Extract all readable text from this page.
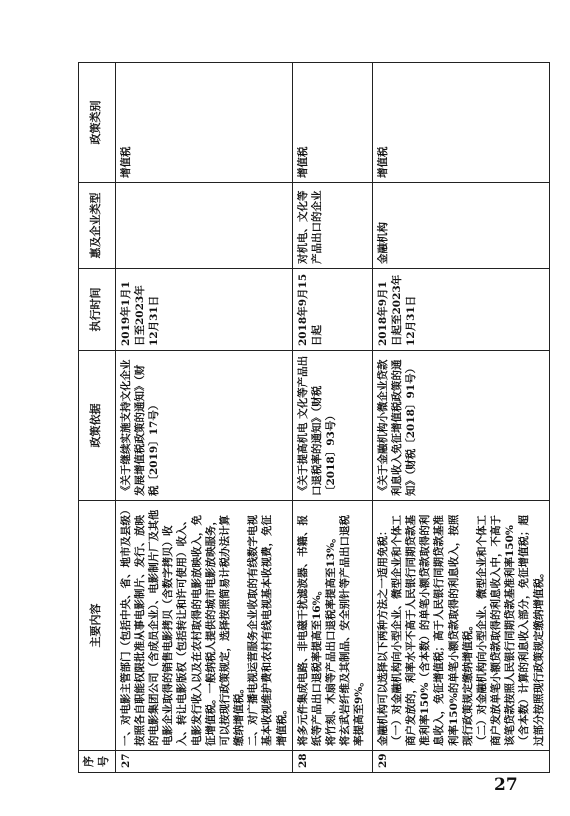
序号	主要内容	政策依据	执行时间	惠及企业类型	政策类别
27	一、对电影主管部门（包括中央、省、地市及县级）按照各自职能权限批准从事电影制片、发行、放映的电影集团公司（含成员企业）、电影制片厂及其他电影企业取得的销售电影拷贝（含数字拷贝）收入、转让电影版权（包括转让和许可使用）收入、电影发行收入以及在农村取得的电影放映收入，免征增值税。一般纳税人提供的城市电影放映服务，可以按现行政策规定，选择按照简易计税办法计算缴纳增值税。 二、对广播电视运营服务企业收取的有线数字电视基本收视维护费和农村有线电视基本收视费，免征增值税。	《关于继续实施支持文化企业发展增值税政策的通知》（财税〔2019〕17号）	2019年1月1日至2023年12月31日		增值税
28	将多元件集成电路、非电磁干扰滤波器、书籍、报纸等产品出口退税率提高至16%。 将竹刻、木扇等产品出口退税率提高至13%。 将玄武岩纤维及其制品、安全别针等产品出口退税率提高至9%。	《关于提高机电 文化等产品出口退税率的通知》（财税〔2018〕93号）	2018年9月15日起	对机电、文化等产品出口的企业	增值税
29	金融机构可以选择以下两种方法之一适用免税： （一）对金融机构向小型企业、微型企业和个体工商户发放的，利率水平不高于人民银行同期贷款基准利率150%（含本数）的单笔小额贷款取得的利息收入，免征增值税；高于人民银行同期贷款基准利率150%的单笔小额贷款取得的利息收入，按照现行政策规定缴纳增值税。 （二）对金融机构向小型企业、微型企业和个体工商户发放单笔小额贷款取得的利息收入中，不高于该笔贷款按照人民银行同期贷款基准利率150%（含本数）计算的利息收入部分，免征增值税；超过部分按照现行政策规定缴纳增值税。	《关于金融机构小微企业贷款利息收入免征增值税政策的通知》（财税〔2018〕91号）	2018年9月1日起至2023年12月31日	金融机构	增值税
27
